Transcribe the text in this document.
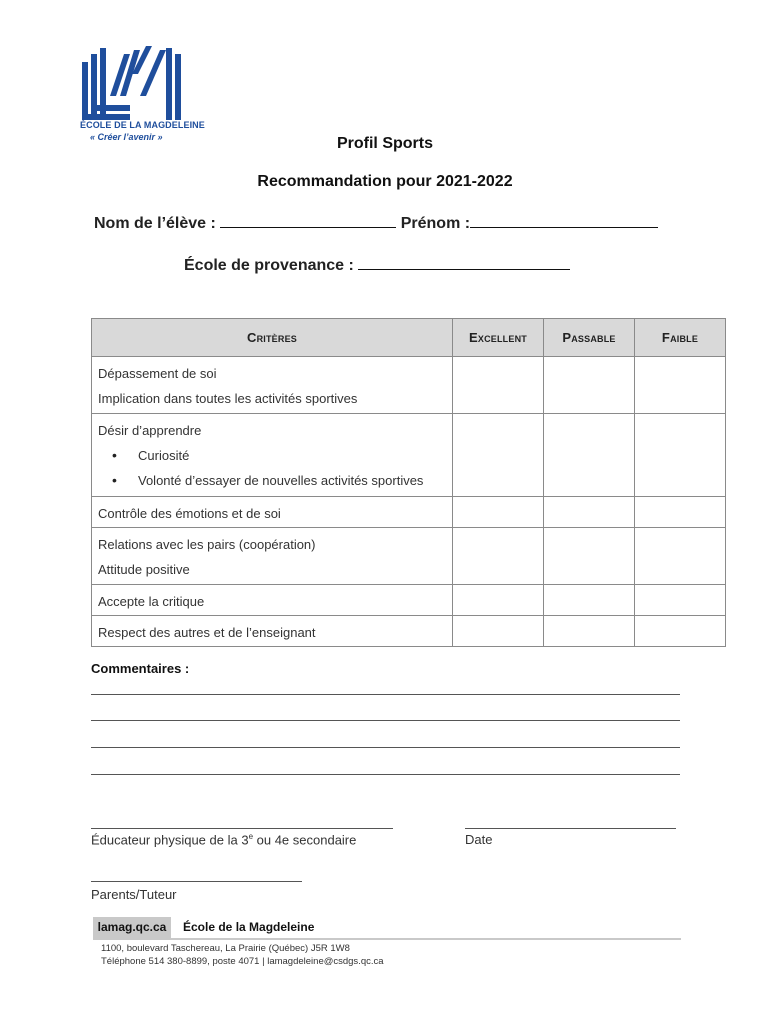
ÉCOLE DE LA MAGDELEINE
« Créer l’avenir »	Profil Sports
Recommandation pour 2021-2022
Nom de l’élève :	Prénom :
École de provenance :
Critères	Excellent	Passable	Faible

Dépassement de soi
Implication dans toutes les activités sportives			

Désir d’apprendre
• Curiosité
• Volonté d’essayer de nouvelles activités sportives			

Contrôle des émotions et de soi			

Relations avec les pairs (coopération)
Attitude positive			

Accepte la critique			

Respect des autres et de l’enseignant			

Commentaires :
Éducateur physique de la 3e ou 4e secondaire	Date
Parents/Tuteur
lamag.qc.ca	École de la Magdeleine
1100, boulevard Taschereau, La Prairie (Québec) J5R 1W8
Téléphone 514 380-8899, poste 4071 | lamagdeleine@csdgs.qc.ca
